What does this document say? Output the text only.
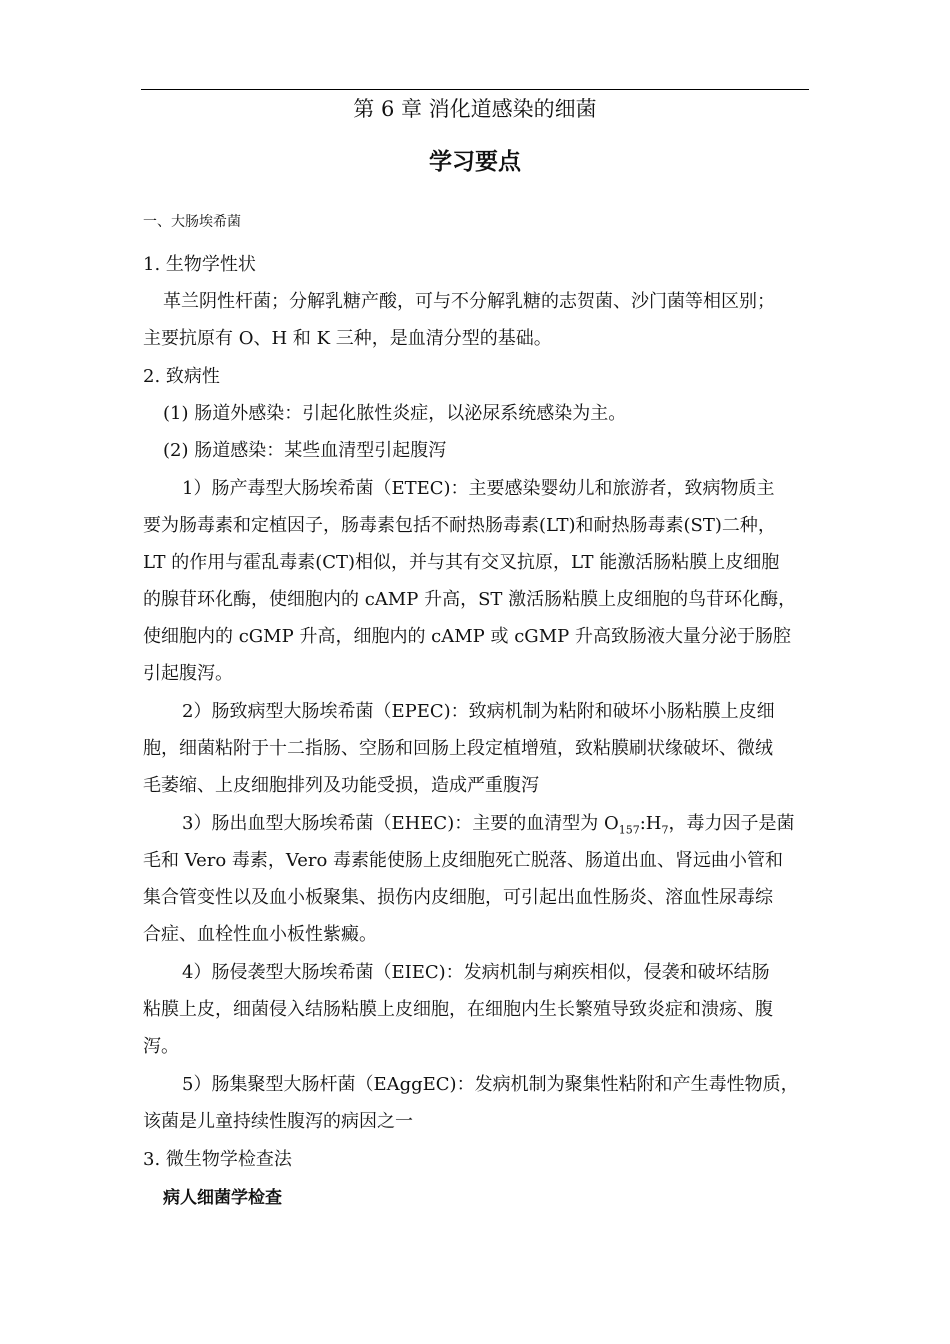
第 6 章 消化道感染的细菌
学习要点
一、大肠埃希菌
1. 生物学性状
革兰阴性杆菌；分解乳糖产酸，可与不分解乳糖的志贺菌、沙门菌等相区别；
主要抗原有 O、H 和 K 三种，是血清分型的基础。
2. 致病性
(1) 肠道外感染：引起化脓性炎症，以泌尿系统感染为主。
(2) 肠道感染：某些血清型引起腹泻
1）肠产毒型大肠埃希菌（ETEC)：主要感染婴幼儿和旅游者，致病物质主
要为肠毒素和定植因子，肠毒素包括不耐热肠毒素(LT)和耐热肠毒素(ST)二种，
LT 的作用与霍乱毒素(CT)相似，并与其有交叉抗原，LT 能激活肠粘膜上皮细胞
的腺苷环化酶，使细胞内的 cAMP 升高，ST 激活肠粘膜上皮细胞的鸟苷环化酶，
使细胞内的 cGMP 升高，细胞内的 cAMP 或 cGMP 升高致肠液大量分泌于肠腔
引起腹泻。
2）肠致病型大肠埃希菌（EPEC)：致病机制为粘附和破坏小肠粘膜上皮细
胞，细菌粘附于十二指肠、空肠和回肠上段定植增殖，致粘膜刷状缘破坏、微绒
毛萎缩、上皮细胞排列及功能受损，造成严重腹泻
3）肠出血型大肠埃希菌（EHEC)：主要的血清型为 $O_{157}:H_7$，毒力因子是菌
毛和 Vero 毒素，Vero 毒素能使肠上皮细胞死亡脱落、肠道出血、肾远曲小管和
集合管变性以及血小板聚集、损伤内皮细胞，可引起出血性肠炎、溶血性尿毒综
合症、血栓性血小板性紫癜。
4）肠侵袭型大肠埃希菌（EIEC)：发病机制与痢疾相似，侵袭和破坏结肠
粘膜上皮，细菌侵入结肠粘膜上皮细胞，在细胞内生长繁殖导致炎症和溃疡、腹
泻。
5）肠集聚型大肠杆菌（EAggEC)：发病机制为聚集性粘附和产生毒性物质，
该菌是儿童持续性腹泻的病因之一
3. 微生物学检查法
病人细菌学检查
